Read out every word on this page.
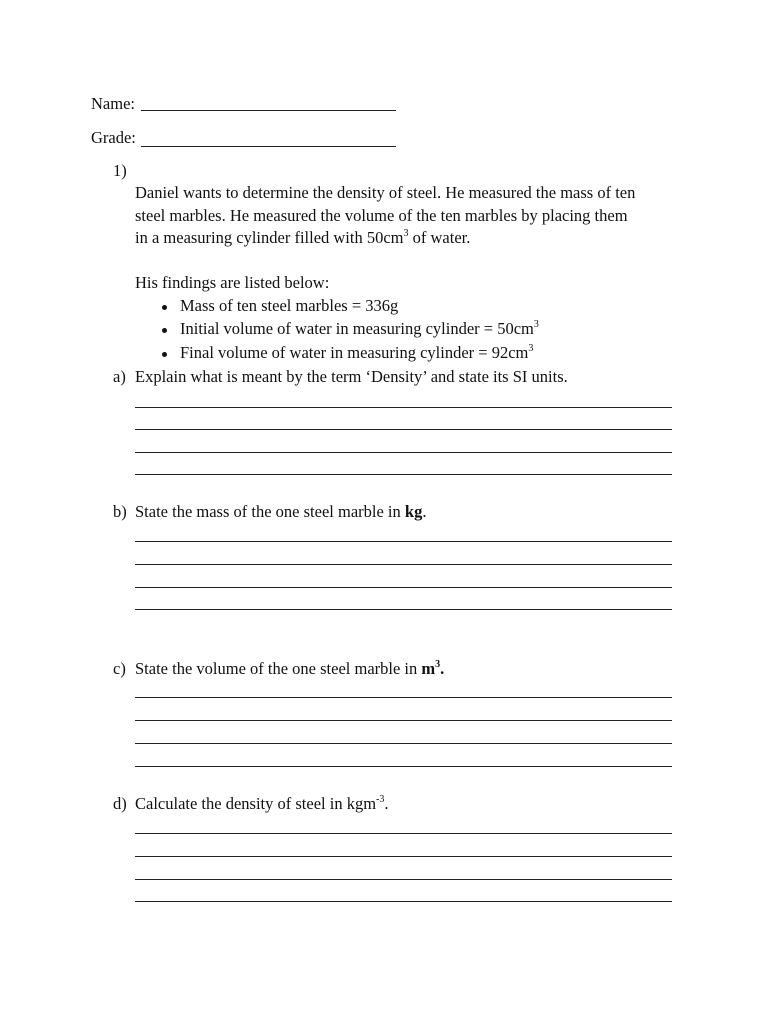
Name:
Grade:
1)
Daniel wants to determine the density of steel. He measured the mass of ten
steel marbles. He measured the volume of the ten marbles by placing them
in a measuring cylinder filled with $50cm^3$ of water.
His findings are listed below:
Mass of ten steel marbles = 336g
Initial volume of water in measuring cylinder = $50cm^3$
Final volume of water in measuring cylinder = $92cm^3$
a) Explain what is meant by the term ‘Density’ and state its SI units.
b) State the mass of the one steel marble in kg.
c) State the volume of the one steel marble in $m^3$.
d) Calculate the density of steel in kgm$^{-3}$.
